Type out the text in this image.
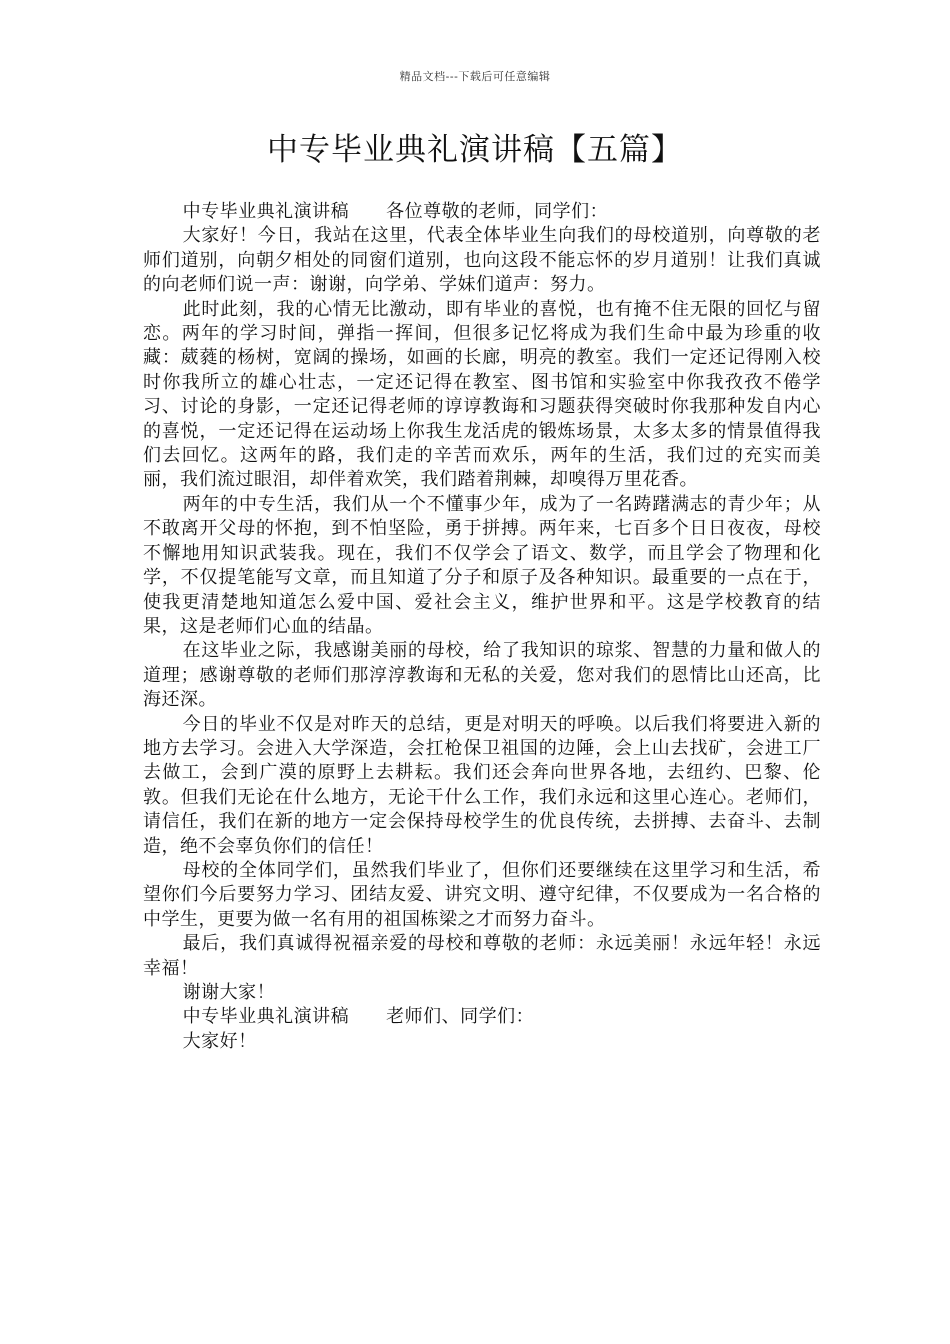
精品文档---下载后可任意编辑
中专毕业典礼演讲稿【五篇】

中专毕业典礼演讲稿　　各位尊敬的老师，同学们：

大家好！今日，我站在这里，代表全体毕业生向我们的母校道别，向尊敬的老师们道别，向朝夕相处的同窗们道别，也向这段不能忘怀的岁月道别！让我们真诚的向老师们说一声：谢谢，向学弟、学妹们道声：努力。

此时此刻，我的心情无比激动，即有毕业的喜悦，也有掩不住无限的回忆与留恋。两年的学习时间，弹指一挥间，但很多记忆将成为我们生命中最为珍重的收藏：葳蕤的杨树，宽阔的操场，如画的长廊，明亮的教室。我们一定还记得刚入校时你我所立的雄心壮志，一定还记得在教室、图书馆和实验室中你我孜孜不倦学习、讨论的身影，一定还记得老师的谆谆教诲和习题获得突破时你我那种发自内心的喜悦，一定还记得在运动场上你我生龙活虎的锻炼场景，太多太多的情景值得我们去回忆。这两年的路，我们走的辛苦而欢乐，两年的生活，我们过的充实而美丽，我们流过眼泪，却伴着欢笑，我们踏着荆棘，却嗅得万里花香。

两年的中专生活，我们从一个不懂事少年，成为了一名踌躇满志的青少年；从不敢离开父母的怀抱，到不怕坚险，勇于拼搏。两年来，七百多个日日夜夜，母校不懈地用知识武装我。现在，我们不仅学会了语文、数学，而且学会了物理和化学，不仅提笔能写文章，而且知道了分子和原子及各种知识。最重要的一点在于，使我更清楚地知道怎么爱中国、爱社会主义，维护世界和平。这是学校教育的结果，这是老师们心血的结晶。

在这毕业之际，我感谢美丽的母校，给了我知识的琼浆、智慧的力量和做人的道理；感谢尊敬的老师们那淳淳教诲和无私的关爱，您对我们的恩情比山还高，比海还深。

今日的毕业不仅是对昨天的总结，更是对明天的呼唤。以后我们将要进入新的地方去学习。会进入大学深造，会扛枪保卫祖国的边陲，会上山去找矿，会进工厂去做工，会到广漠的原野上去耕耘。我们还会奔向世界各地，去纽约、巴黎、伦敦。但我们无论在什么地方，无论干什么工作，我们永远和这里心连心。老师们，请信任，我们在新的地方一定会保持母校学生的优良传统，去拼搏、去奋斗、去制造，绝不会辜负你们的信任！

母校的全体同学们，虽然我们毕业了，但你们还要继续在这里学习和生活，希望你们今后要努力学习、团结友爱、讲究文明、遵守纪律，不仅要成为一名合格的中学生，更要为做一名有用的祖国栋梁之才而努力奋斗。

最后，我们真诚得祝福亲爱的母校和尊敬的老师：永远美丽！永远年轻！永远幸福！

谢谢大家！

中专毕业典礼演讲稿　　老师们、同学们：

大家好！
